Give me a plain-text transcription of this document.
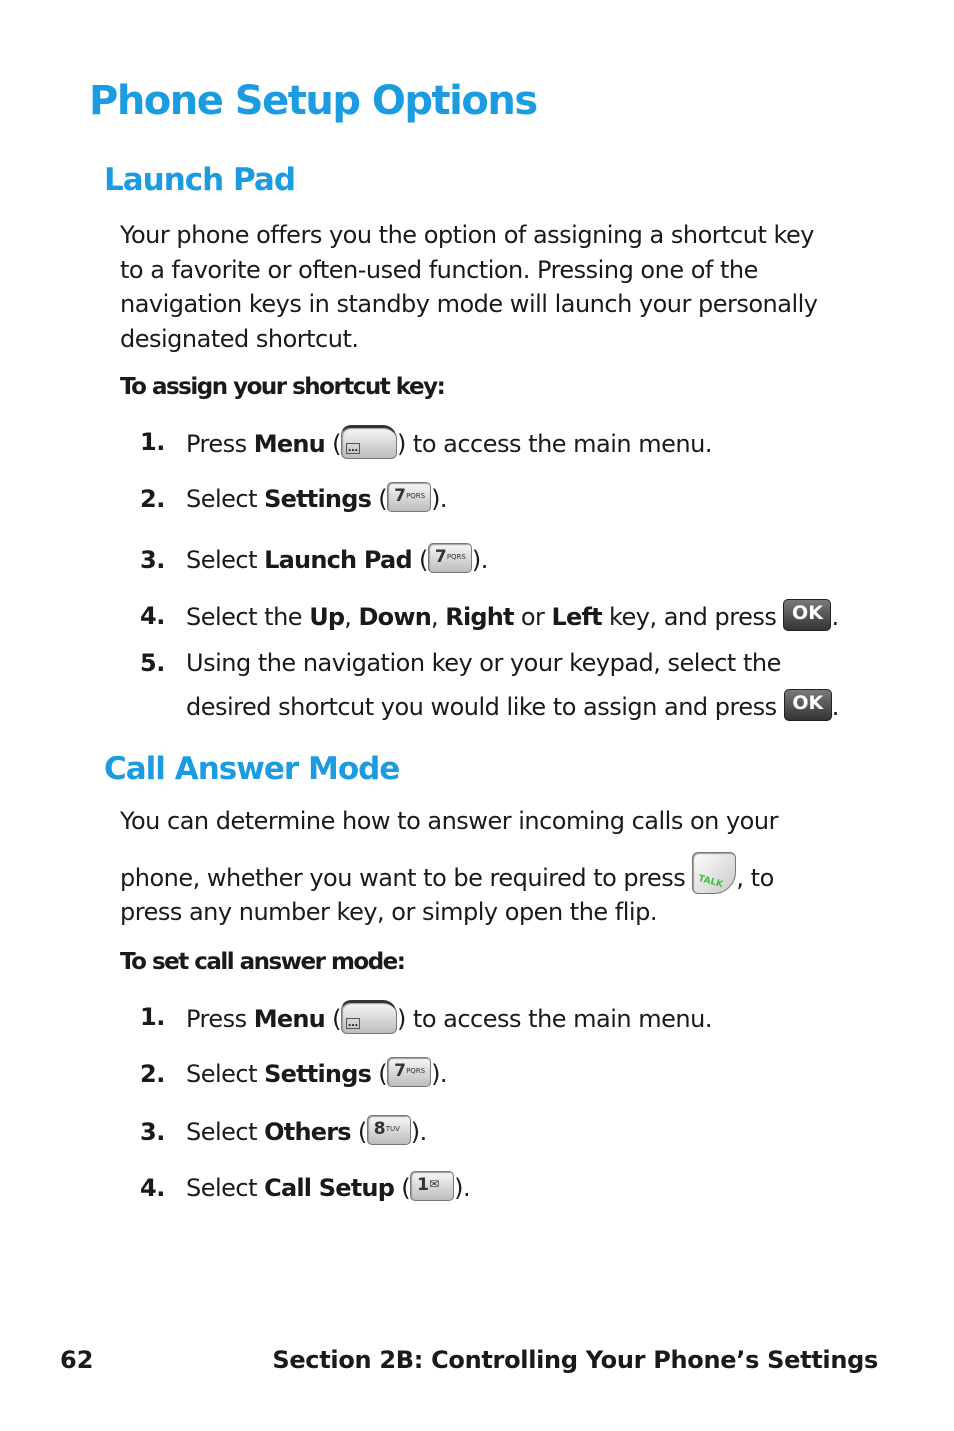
Phone Setup Options
Launch Pad

Your phone offers you the option of assigning a shortcut key
to a favorite or often-used function. Pressing one of the
navigation keys in standby mode will launch your personally
designated shortcut.

To assign your shortcut key:
1. Press Menu ( … ) to access the main menu.
2. Select Settings ( 7 PQRS ).
3. Select Launch Pad ( 7 PQRS ).
4. Select the Up, Down, Right or Left key, and press OK .
5. Using the navigation key or your keypad, select the
desired shortcut you would like to assign and press OK .
Call Answer Mode

You can determine how to answer incoming calls on your
phone, whether you want to be required to press TALK , to
press any number key, or simply open the flip.

To set call answer mode:
1. Press Menu ( … ) to access the main menu.
2. Select Settings ( 7 PQRS ).
3. Select Others ( 8 TUV ).
4. Select Call Setup ( 1 ✉ ).
62	Section 2B: Controlling Your Phone’s Settings
